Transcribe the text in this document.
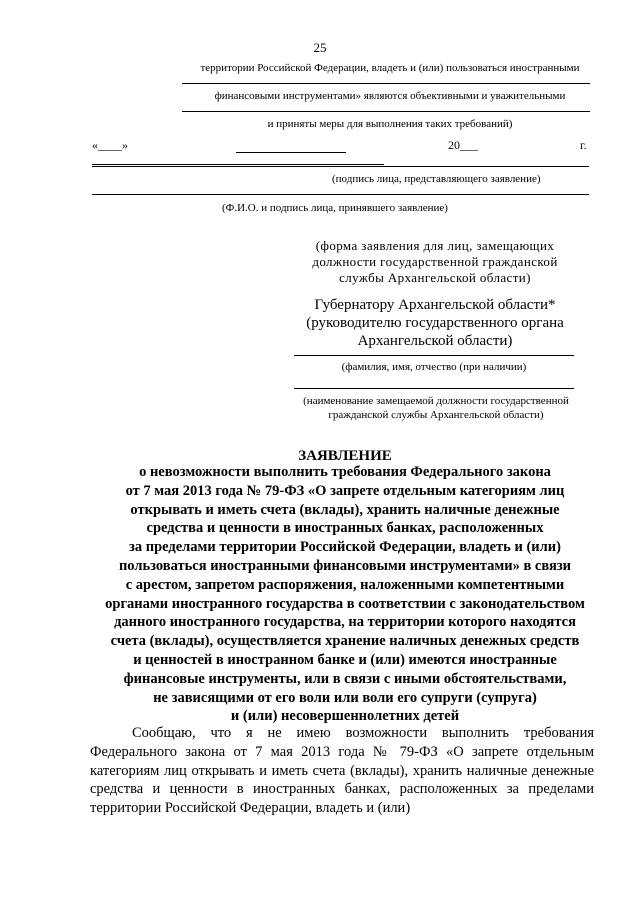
25
территории Российской Федерации, владеть и (или) пользоваться иностранными
финансовыми инструментами» являются объективными и уважительными
и приняты меры для выполнения таких требований)
«____»	20___	г.
(подпись лица, представляющего заявление)
(Ф.И.О. и подпись лица, принявшего заявление)
(форма заявления для лиц, замещающих
должности государственной гражданской
службы Архангельской области)
Губернатору Архангельской области*
(руководителю государственного органа
Архангельской области)
(фамилия, имя, отчество (при наличии)
(наименование замещаемой должности государственной
гражданской службы Архангельской области)
ЗАЯВЛЕНИЕ
о невозможности выполнить требования Федерального закона
от 7 мая 2013 года № 79-ФЗ «О запрете отдельным категориям лиц
открывать и иметь счета (вклады), хранить наличные денежные
средства и ценности в иностранных банках, расположенных
за пределами территории Российской Федерации, владеть и (или)
пользоваться иностранными финансовыми инструментами» в связи
с арестом, запретом распоряжения, наложенными компетентными
органами иностранного государства в соответствии с законодательством
данного иностранного государства, на территории которого находятся
счета (вклады), осуществляется хранение наличных денежных средств
и ценностей в иностранном банке и (или) имеются иностранные
финансовые инструменты, или в связи с иными обстоятельствами,
не зависящими от его воли или воли его супруги (супруга)
и (или) несовершеннолетних детей
Сообщаю, что я не имею возможности выполнить требования Федерального закона от 7 мая 2013 года № 79-ФЗ «О запрете отдельным категориям лиц открывать и иметь счета (вклады), хранить наличные денежные средства и ценности в иностранных банках, расположенных за пределами территории Российской Федерации, владеть и (или)
